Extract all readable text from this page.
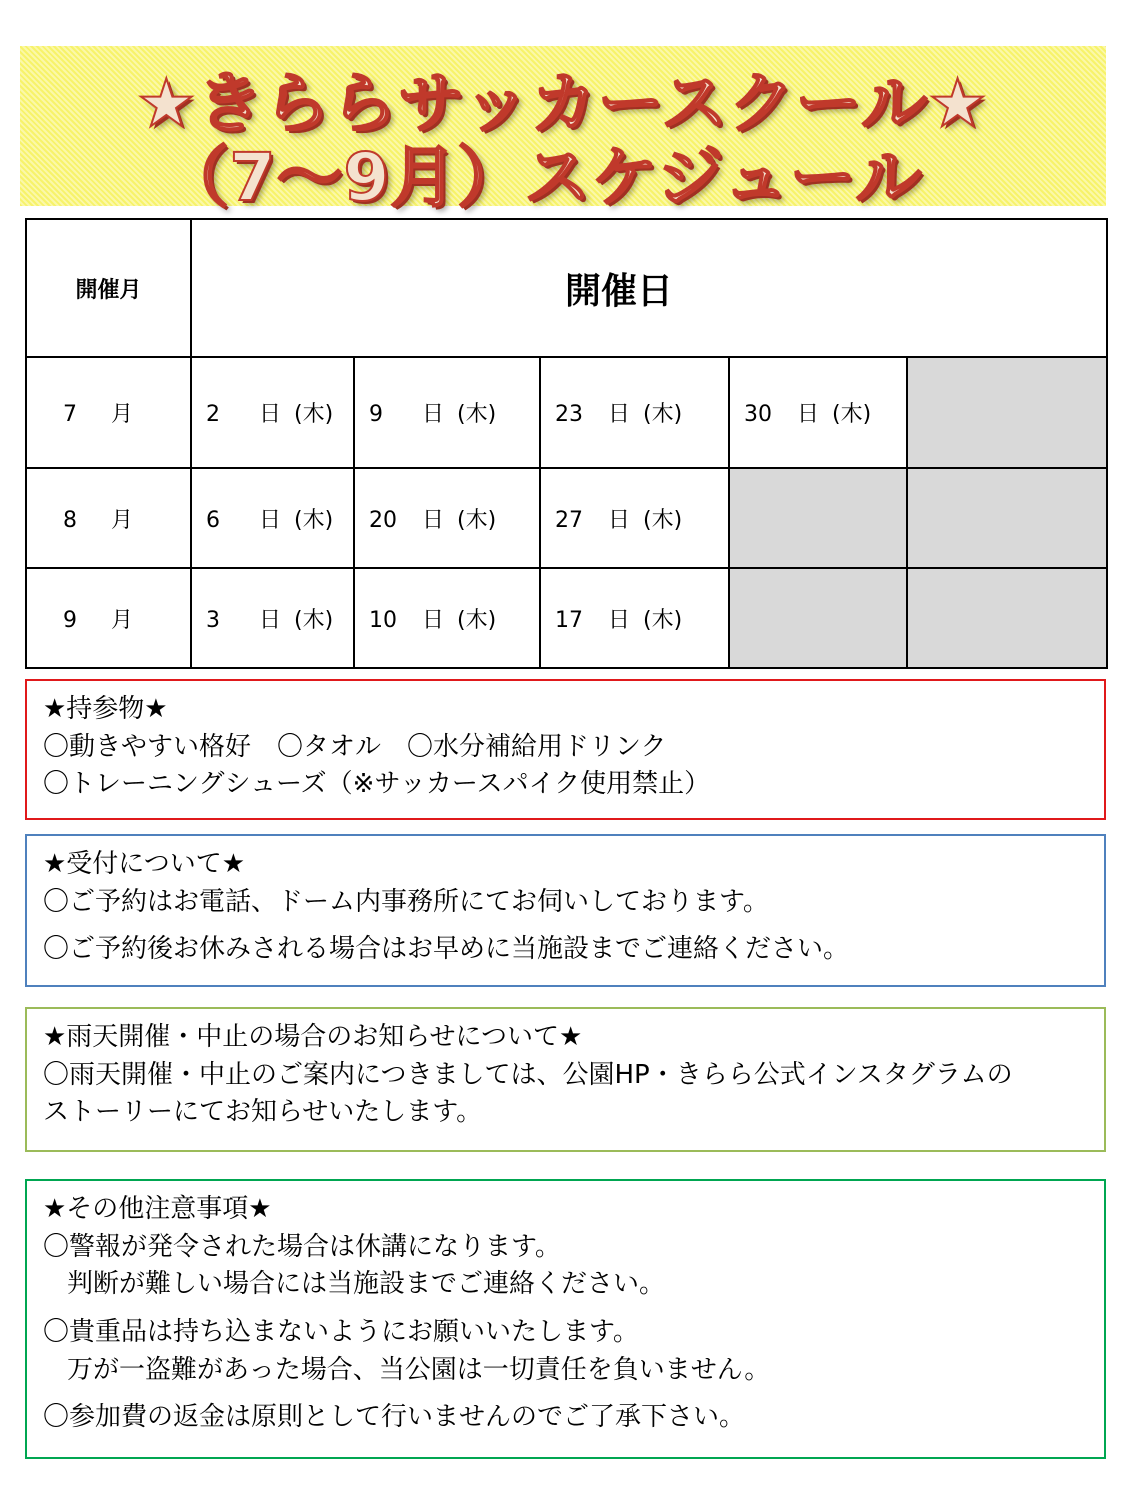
★きららサッカースクール★
（7～9月）スケジュール
開催月	開催日				
7 月	2 日 (木)	9 日 (木)	23 日 (木)	30 日 (木)	
8 月	6 日 (木)	20 日 (木)	27 日 (木)		
9 月	3 日 (木)	10 日 (木)	17 日 (木)		

★持参物★

〇動きやすい格好　〇タオル　〇水分補給用ドリンク

〇トレーニングシューズ（※サッカースパイク使用禁止）

★受付について★

〇ご予約はお電話、ドーム内事務所にてお伺いしております。

〇ご予約後お休みされる場合はお早めに当施設までご連絡ください。

★雨天開催・中止の場合のお知らせについて★

〇雨天開催・中止のご案内につきましては、公園HP・きらら公式インスタグラムの

ストーリーにてお知らせいたします。

★その他注意事項★

〇警報が発令された場合は休講になります。

判断が難しい場合には当施設までご連絡ください。

〇貴重品は持ち込まないようにお願いいたします。

万が一盗難があった場合、当公園は一切責任を負いません。

〇参加費の返金は原則として行いませんのでご了承下さい。
